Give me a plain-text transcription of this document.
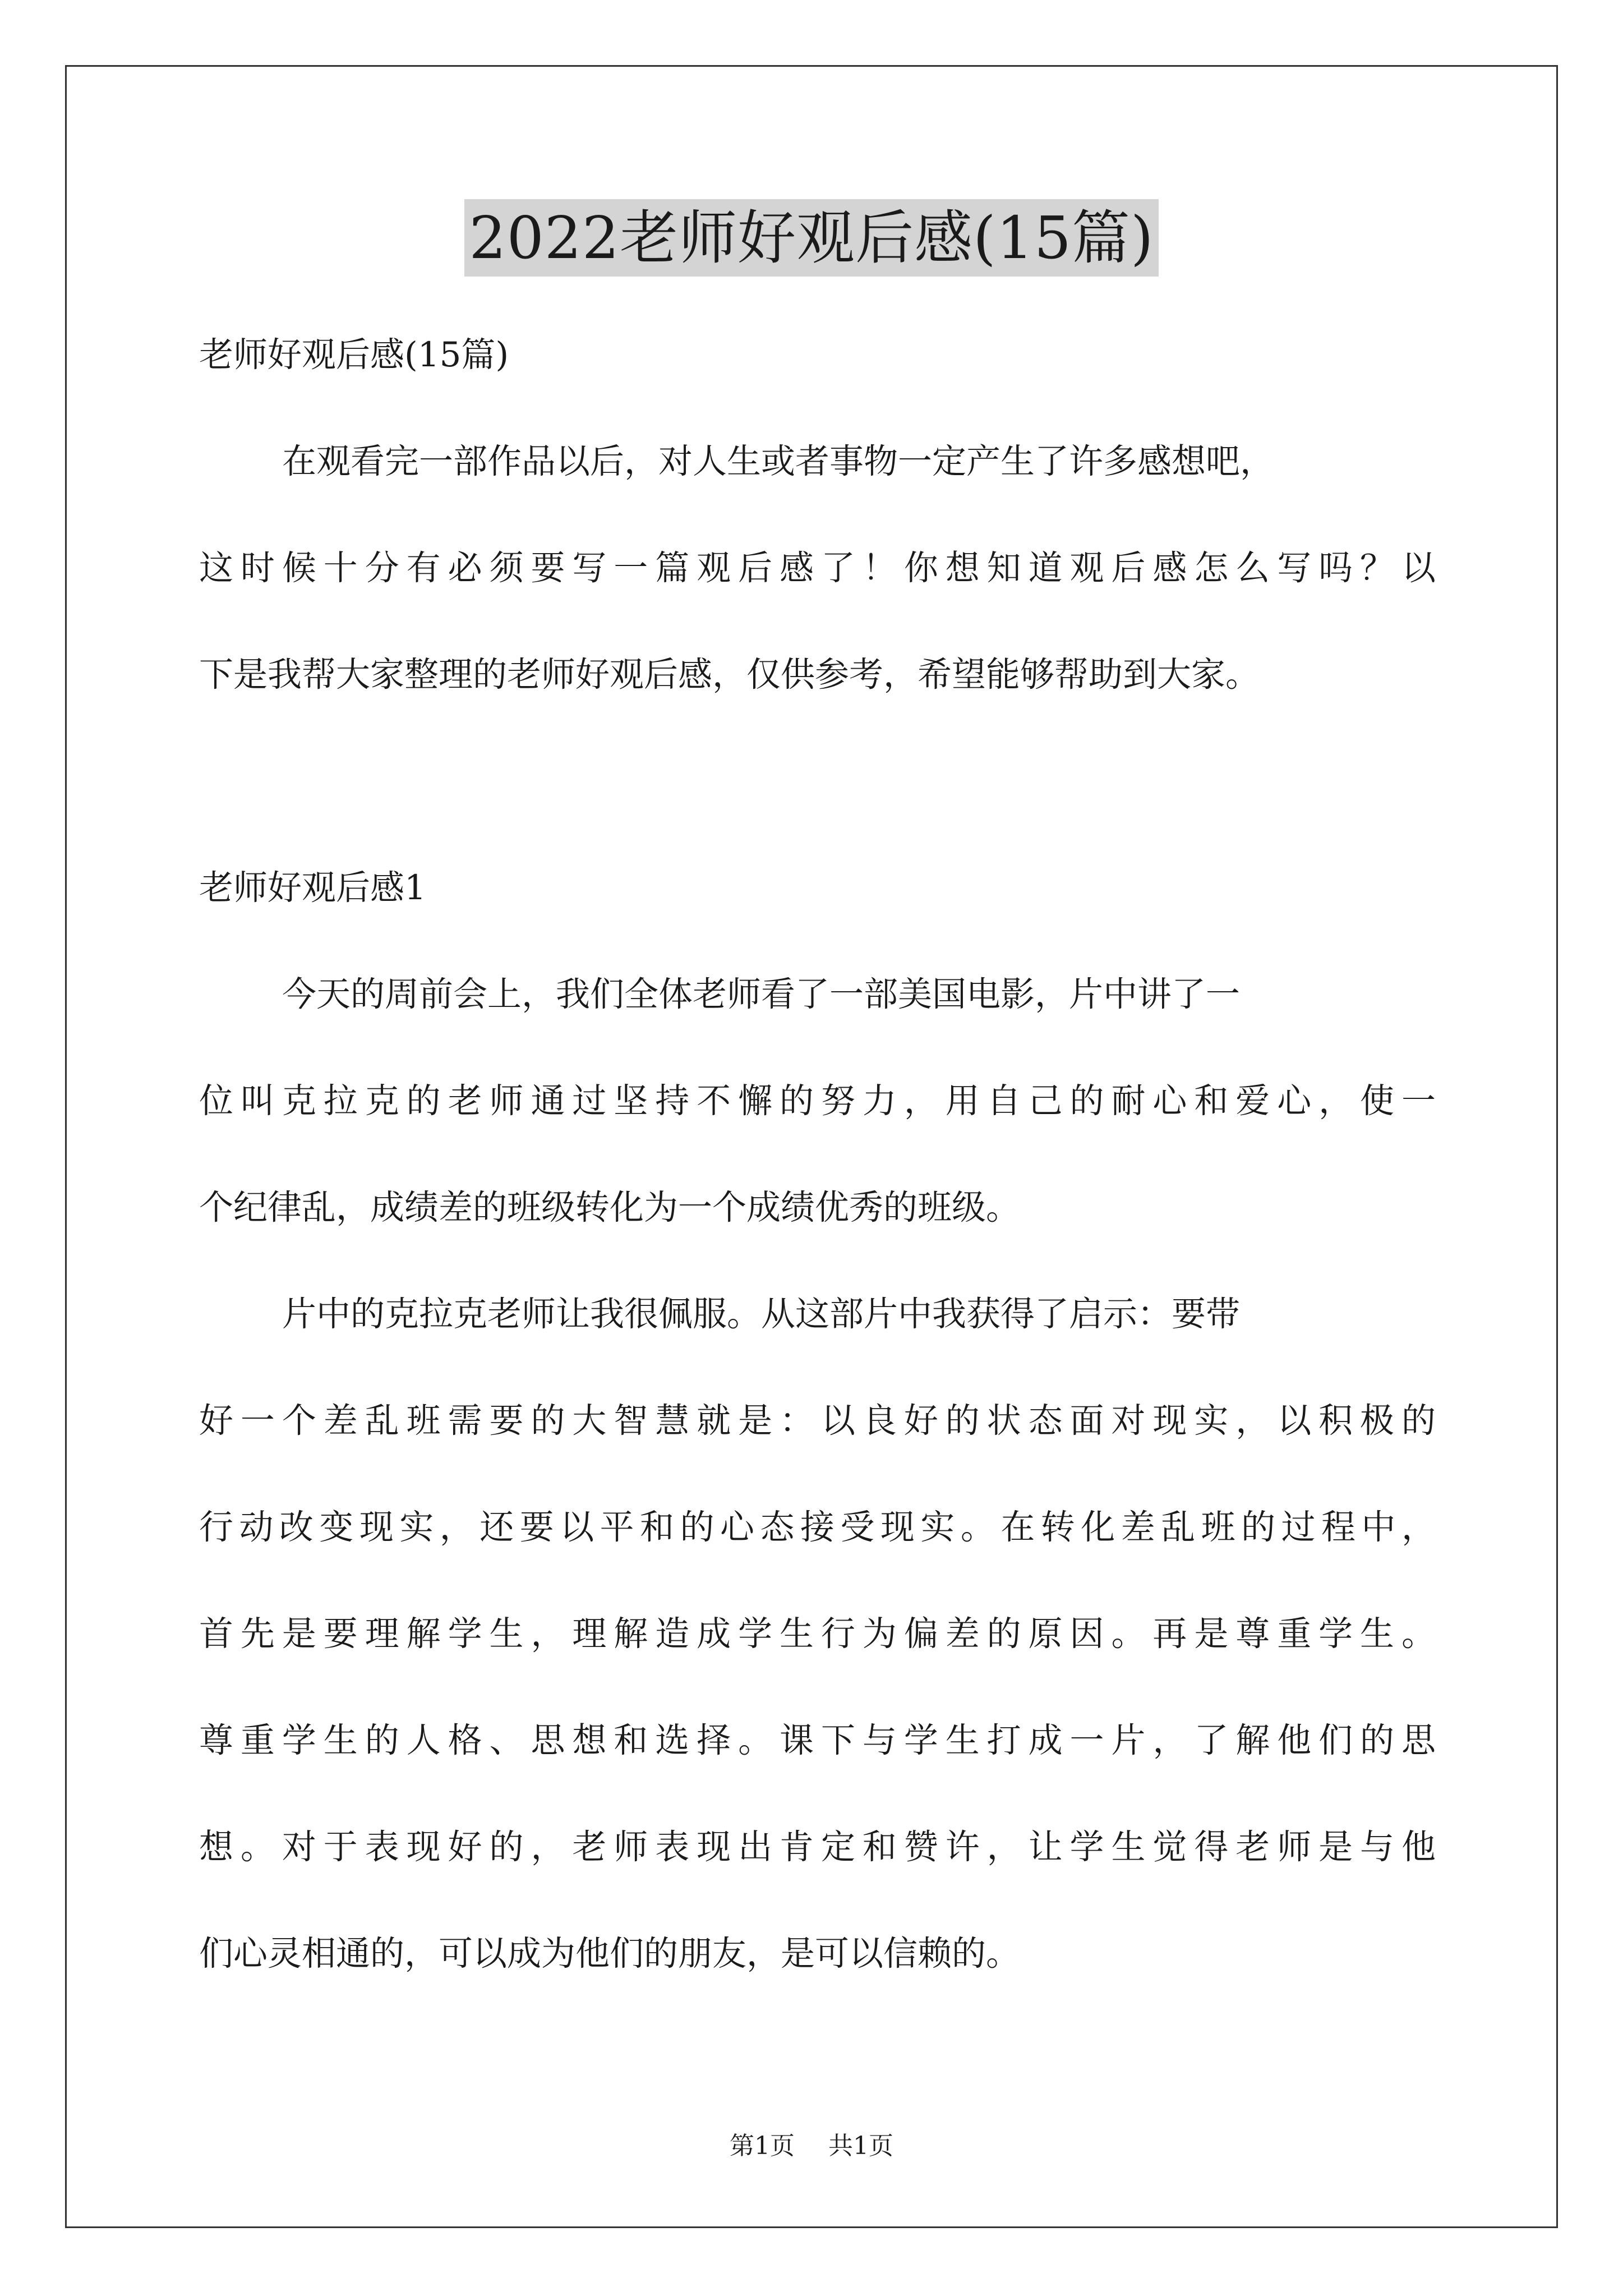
2022老师好观后感(15篇)
老师好观后感(15篇)
在观看完一部作品以后，对人生或者事物一定产生了许多感想吧，
这时候十分有必须要写一篇观后感了！你想知道观后感怎么写吗？以
下是我帮大家整理的老师好观后感，仅供参考，希望能够帮助到大家。
老师好观后感1
今天的周前会上，我们全体老师看了一部美国电影，片中讲了一
位叫克拉克的老师通过坚持不懈的努力，用自己的耐心和爱心，使一
个纪律乱，成绩差的班级转化为一个成绩优秀的班级。
片中的克拉克老师让我很佩服。从这部片中我获得了启示：要带
好一个差乱班需要的大智慧就是：以良好的状态面对现实，以积极的
行动改变现实，还要以平和的心态接受现实。在转化差乱班的过程中，
首先是要理解学生，理解造成学生行为偏差的原因。再是尊重学生。
尊重学生的人格、思想和选择。课下与学生打成一片，了解他们的思
想。对于表现好的，老师表现出肯定和赞许，让学生觉得老师是与他
们心灵相通的，可以成为他们的朋友，是可以信赖的。
第1页 共1页
